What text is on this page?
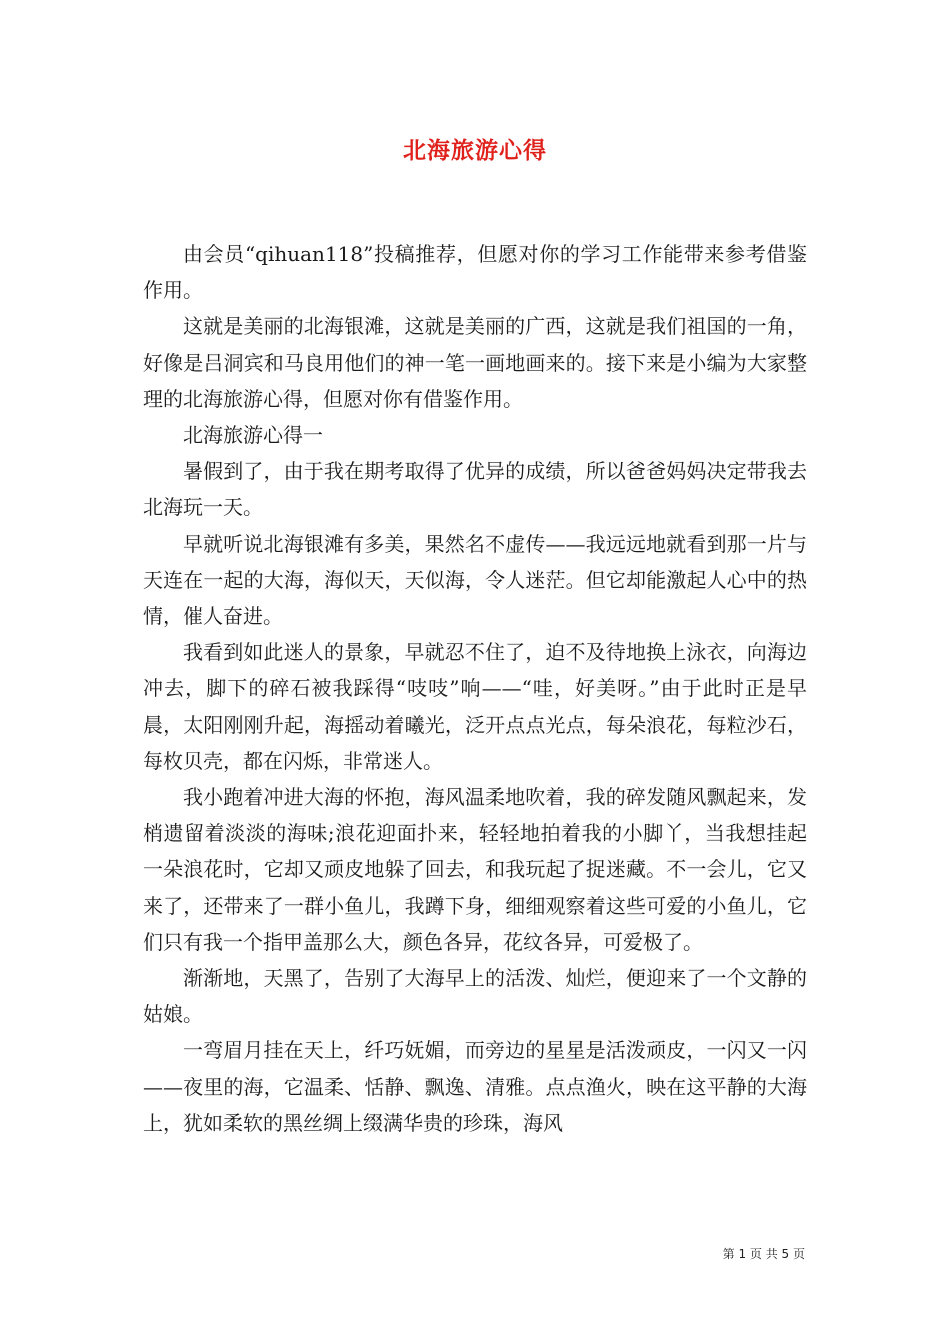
北海旅游心得

由会员“qihuan118”投稿推荐，但愿对你的学习工作能带来参考借鉴作用。

这就是美丽的北海银滩，这就是美丽的广西，这就是我们祖国的一角，好像是吕洞宾和马良用他们的神一笔一画地画来的。接下来是小编为大家整理的北海旅游心得，但愿对你有借鉴作用。

北海旅游心得一

暑假到了，由于我在期考取得了优异的成绩，所以爸爸妈妈决定带我去北海玩一天。

早就听说北海银滩有多美，果然名不虚传——我远远地就看到那一片与天连在一起的大海，海似天，天似海，令人迷茫。但它却能激起人心中的热情，催人奋进。

我看到如此迷人的景象，早就忍不住了，迫不及待地换上泳衣，向海边冲去，脚下的碎石被我踩得“吱吱”响——“哇，好美呀。”由于此时正是早晨，太阳刚刚升起，海摇动着曦光，泛开点点光点，每朵浪花，每粒沙石，每枚贝壳，都在闪烁，非常迷人。

我小跑着冲进大海的怀抱，海风温柔地吹着，我的碎发随风飘起来，发梢遗留着淡淡的海味;浪花迎面扑来，轻轻地拍着我的小脚丫，当我想挂起一朵浪花时，它却又顽皮地躲了回去，和我玩起了捉迷藏。不一会儿，它又来了，还带来了一群小鱼儿，我蹲下身，细细观察着这些可爱的小鱼儿，它们只有我一个指甲盖那么大，颜色各异，花纹各异，可爱极了。

渐渐地，天黑了，告别了大海早上的活泼、灿烂，便迎来了一个文静的姑娘。

一弯眉月挂在天上，纤巧妩媚，而旁边的星星是活泼顽皮，一闪又一闪——夜里的海，它温柔、恬静、飘逸、清雅。点点渔火，映在这平静的大海上，犹如柔软的黑丝绸上缀满华贵的珍珠，海风

第 1 页 共 5 页
